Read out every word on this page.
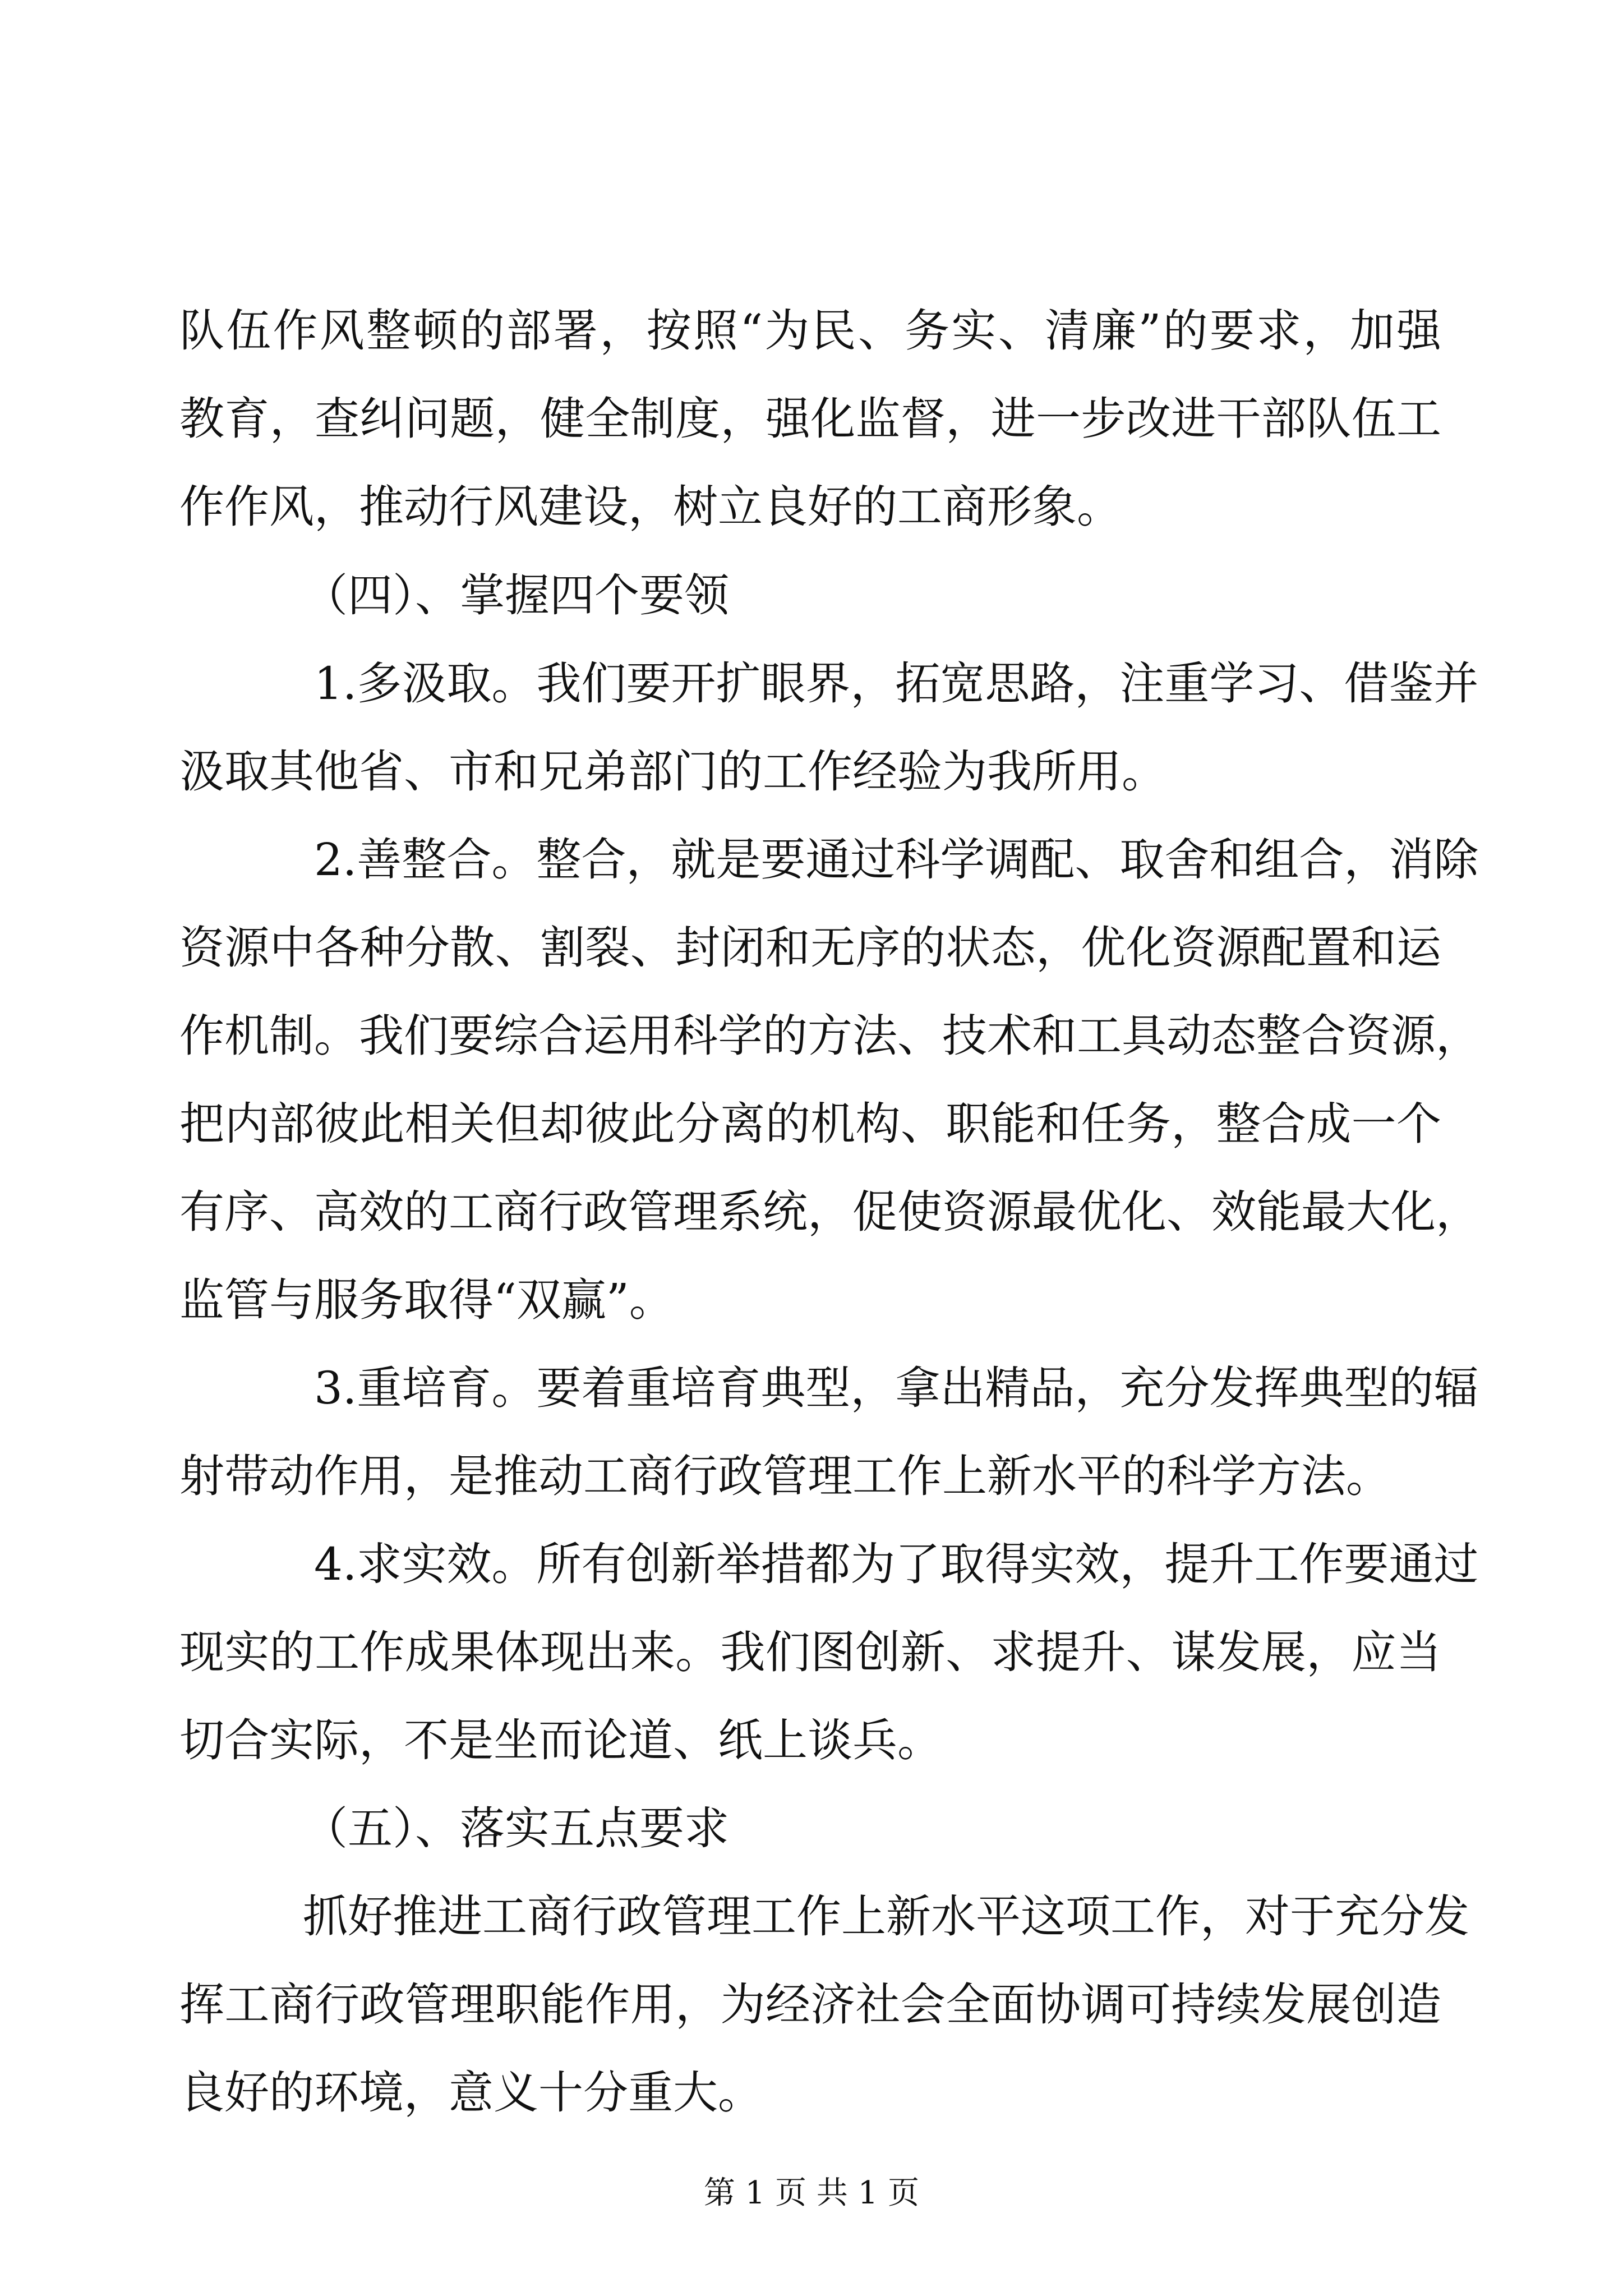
队伍作风整顿的部署，按照“为民、务实、清廉”的要求，加强
教育，查纠问题，健全制度，强化监督，进一步改进干部队伍工
作作风，推动行风建设，树立良好的工商形象。
（四）、掌握四个要领
1.多汲取。我们要开扩眼界，拓宽思路，注重学习、借鉴并
汲取其他省、市和兄弟部门的工作经验为我所用。
2.善整合。整合，就是要通过科学调配、取舍和组合，消除
资源中各种分散、割裂、封闭和无序的状态，优化资源配置和运
作机制。我们要综合运用科学的方法、技术和工具动态整合资源，
把内部彼此相关但却彼此分离的机构、职能和任务，整合成一个
有序、高效的工商行政管理系统，促使资源最优化、效能最大化，
监管与服务取得“双赢”。
3.重培育。要着重培育典型，拿出精品，充分发挥典型的辐
射带动作用，是推动工商行政管理工作上新水平的科学方法。
4.求实效。所有创新举措都为了取得实效，提升工作要通过
现实的工作成果体现出来。我们图创新、求提升、谋发展，应当
切合实际，不是坐而论道、纸上谈兵。
（五）、落实五点要求
抓好推进工商行政管理工作上新水平这项工作，对于充分发
挥工商行政管理职能作用，为经济社会全面协调可持续发展创造
良好的环境，意义十分重大。
第 1 页 共 1 页
